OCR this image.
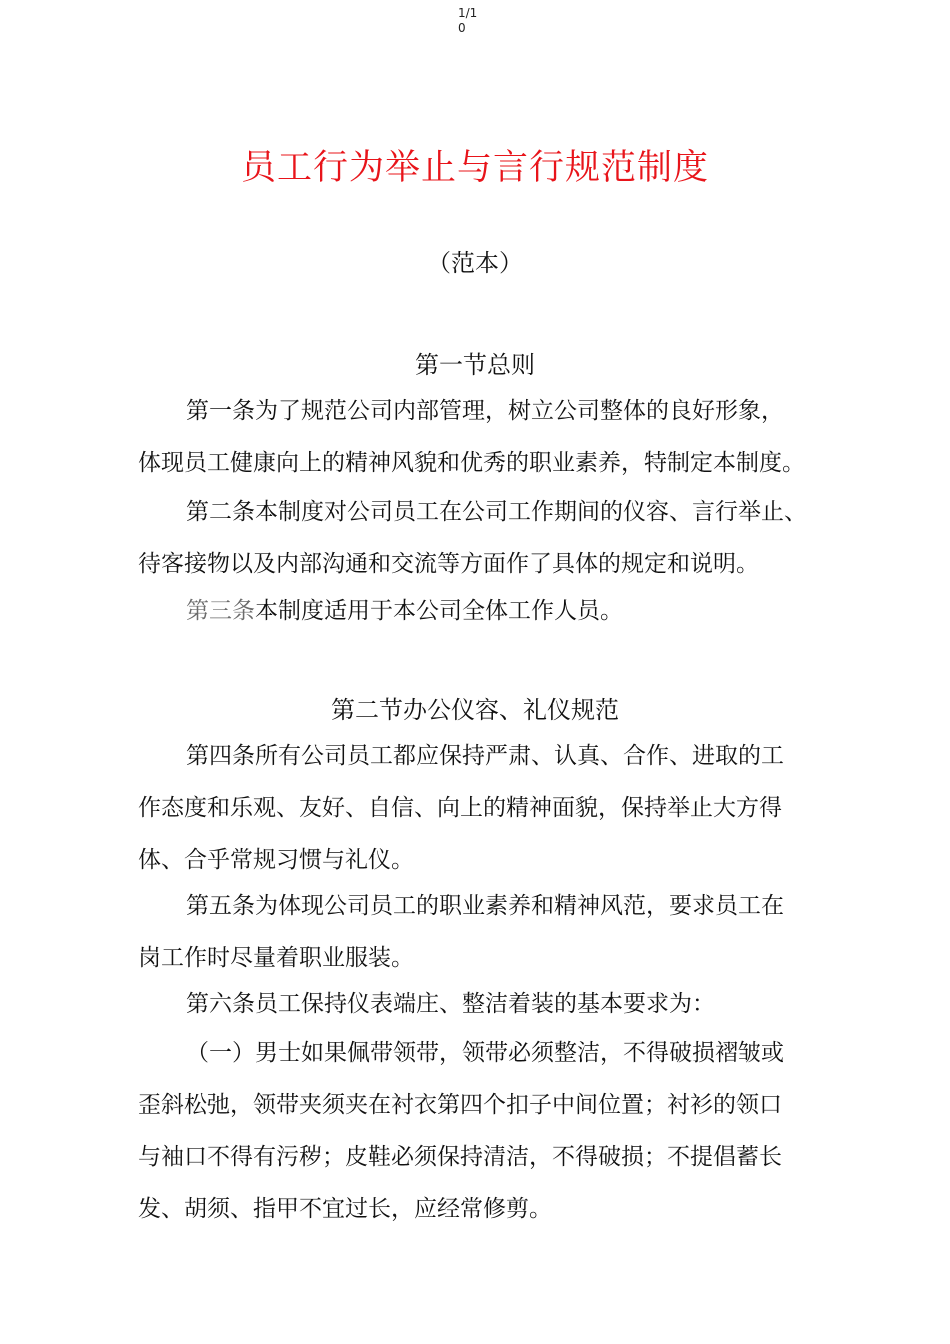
1/1
0
员工行为举止与言行规范制度
（范本）
第一节总则
第一条为了规范公司内部管理，树立公司整体的良好形象，
体现员工健康向上的精神风貌和优秀的职业素养，特制定本制度。
第二条本制度对公司员工在公司工作期间的仪容、言行举止、
待客接物以及内部沟通和交流等方面作了具体的规定和说明。
第三条本制度适用于本公司全体工作人员。
第二节办公仪容、礼仪规范
第四条所有公司员工都应保持严肃、认真、合作、进取的工
作态度和乐观、友好、自信、向上的精神面貌，保持举止大方得
体、合乎常规习惯与礼仪。
第五条为体现公司员工的职业素养和精神风范，要求员工在
岗工作时尽量着职业服装。
第六条员工保持仪表端庄、整洁着装的基本要求为：
（一）男士如果佩带领带，领带必须整洁，不得破损褶皱或
歪斜松弛，领带夹须夹在衬衣第四个扣子中间位置；衬衫的领口
与袖口不得有污秽；皮鞋必须保持清洁，不得破损；不提倡蓄长
发、胡须、指甲不宜过长，应经常修剪。
